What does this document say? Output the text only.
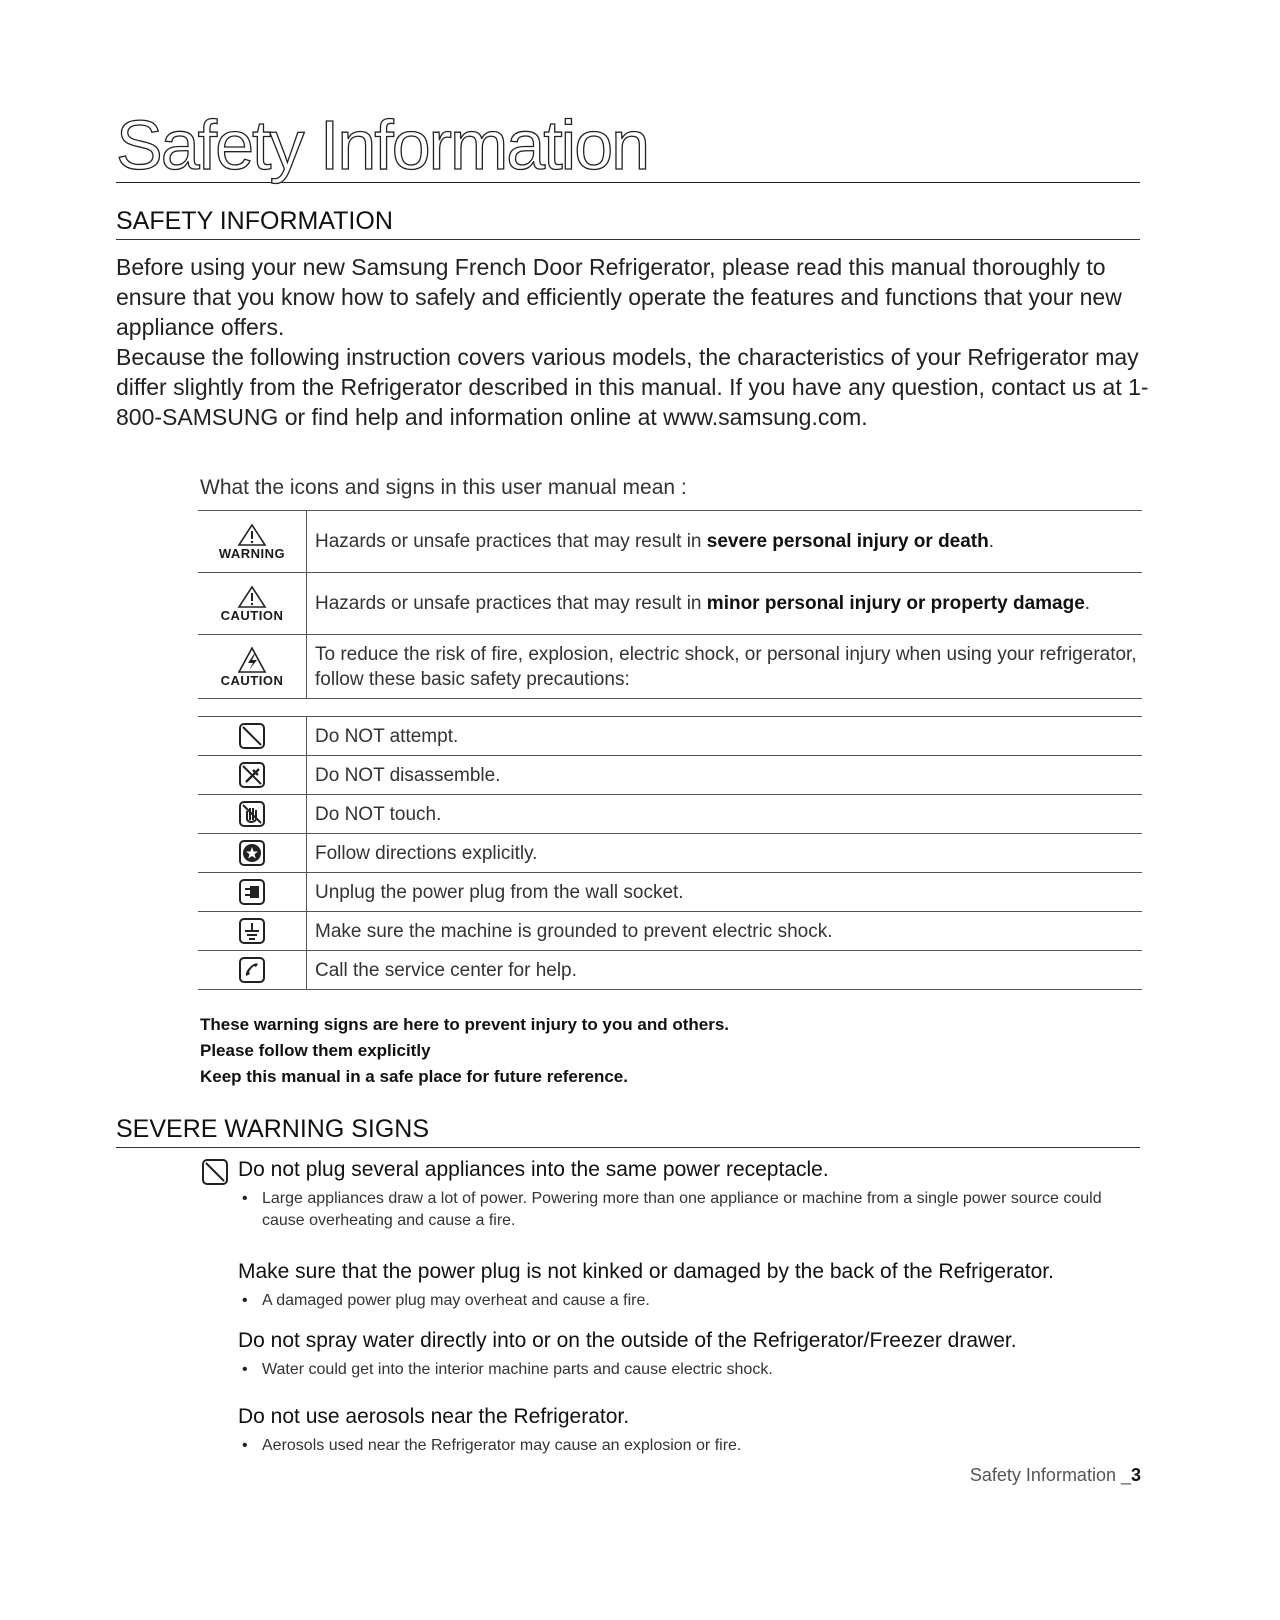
Safety Information
SAFETY INFORMATION

Before using your new Samsung French Door Refrigerator, please read this manual thoroughly to ensure that you know how to safely and efficiently operate the features and functions that your new appliance offers.

Because the following instruction covers various models, the characteristics of your Refrigerator may differ slightly from the Refrigerator described in this manual. If you have any question, contact us at 1-800-SAMSUNG or find help and information online at www.samsung.com.

What the icons and signs in this user manual mean :
WARNING	Hazards or unsafe practices that may result in severe personal injury or death.

CAUTION	Hazards or unsafe practices that may result in minor personal injury or property damage.

CAUTION	To reduce the risk of fire, explosion, electric shock, or personal injury when using your refrigerator, follow these basic safety precautions:
	Do NOT attempt.
	Do NOT disassemble.
	Do NOT touch.
	Follow directions explicitly.
	Unplug the power plug from the wall socket.
	Make sure the machine is grounded to prevent electric shock.
	Call the service center for help.
These warning signs are here to prevent injury to you and others.
Please follow them explicitly
Keep this manual in a safe place for future reference.
SEVERE WARNING SIGNS
Do not plug several appliances into the same power receptacle.
• Large appliances draw a lot of power. Powering more than one appliance or machine from a single power source could cause overheating and cause a fire.
Make sure that the power plug is not kinked or damaged by the back of the Refrigerator.
• A damaged power plug may overheat and cause a fire.
Do not spray water directly into or on the outside of the Refrigerator/Freezer drawer.
• Water could get into the interior machine parts and cause electric shock.
Do not use aerosols near the Refrigerator.
• Aerosols used near the Refrigerator may cause an explosion or fire.
Safety Information _3
